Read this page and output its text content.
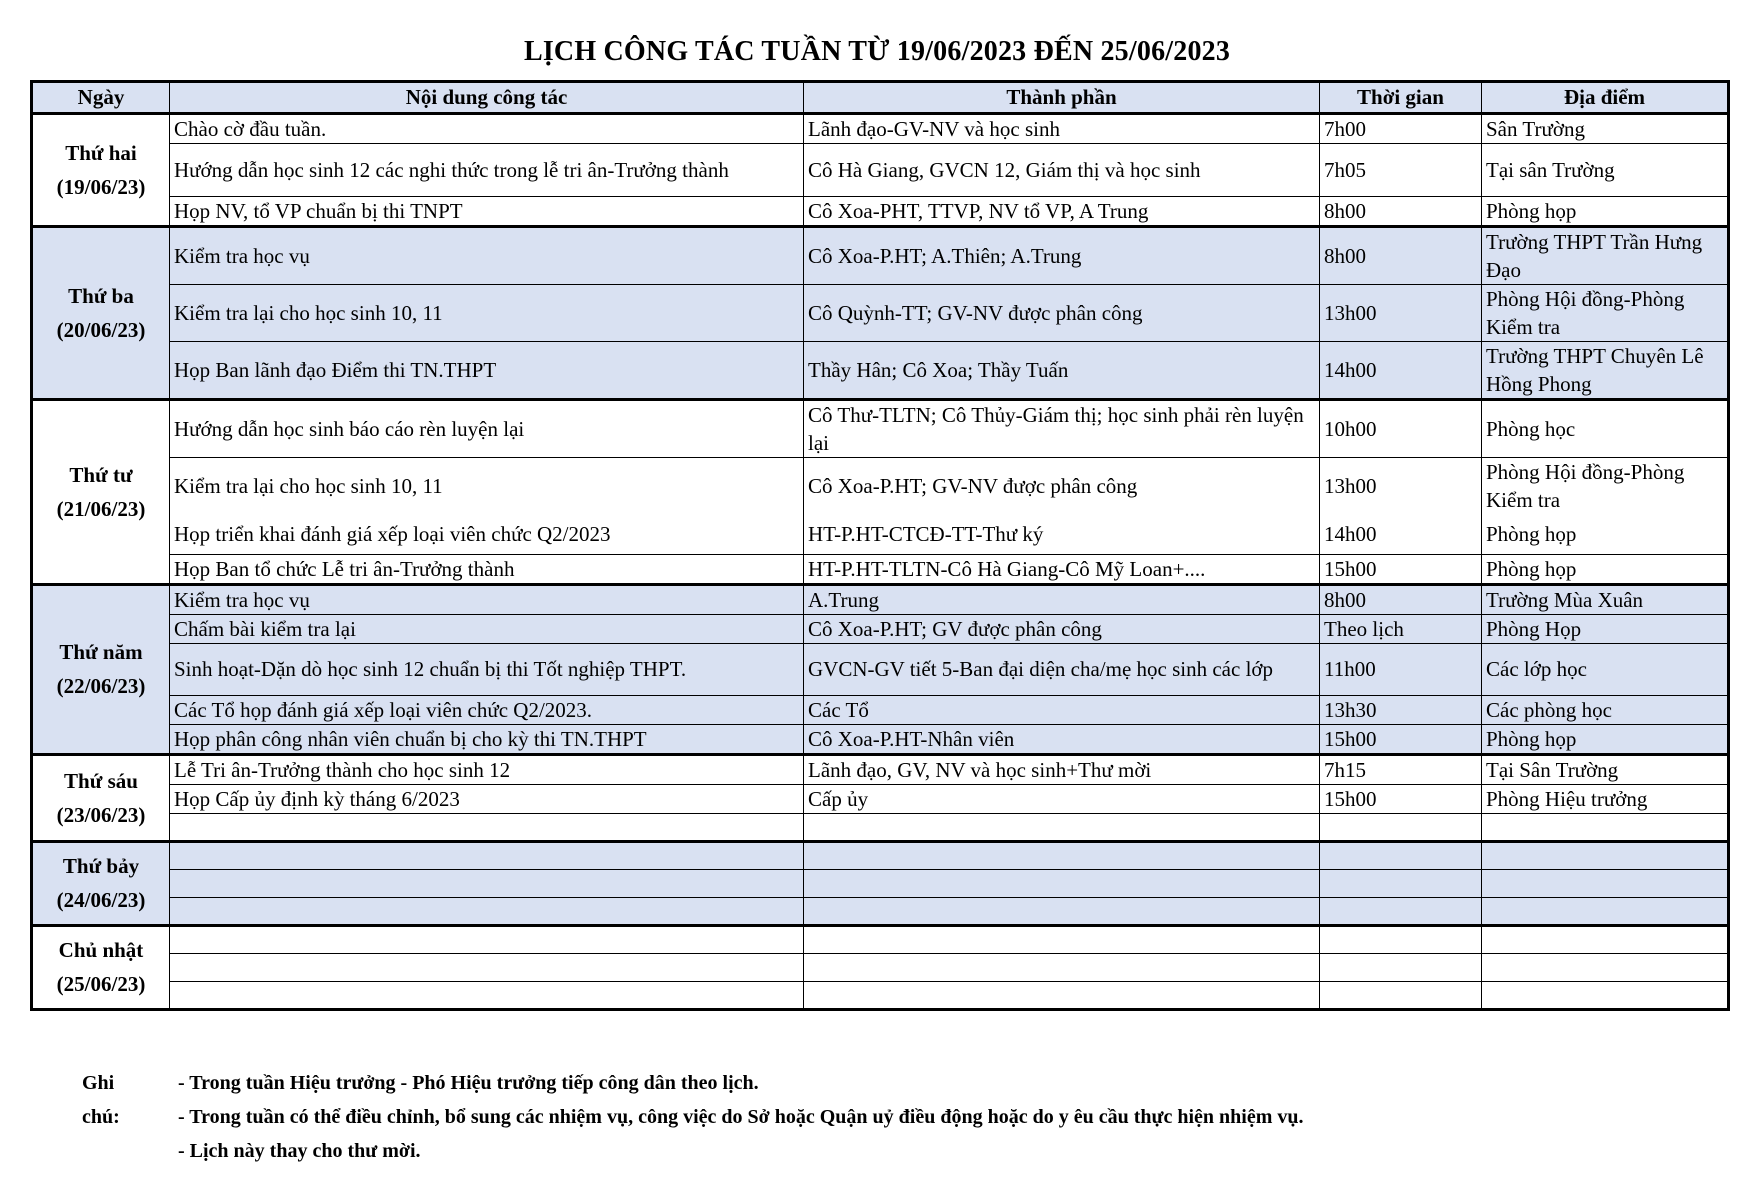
LỊCH CÔNG TÁC TUẦN TỪ 19/06/2023 ĐẾN 25/06/2023
Ngày	Nội dung công tác	Thành phần	Thời gian	Địa điểm

Thứ hai
(19/06/23)	Chào cờ đầu tuần.	Lãnh đạo-GV-NV và học sinh	7h00	Sân Trường
	Hướng dẫn học sinh 12 các nghi thức trong lễ tri ân-Trưởng thành	Cô Hà Giang, GVCN 12, Giám thị và học sinh	7h05	Tại sân Trường
	Họp NV, tổ VP chuẩn bị thi TNPT	Cô Xoa-PHT, TTVP, NV tổ VP, A Trung	8h00	Phòng họp

Thứ ba
(20/06/23)	Kiểm tra học vụ	Cô Xoa-P.HT; A.Thiên; A.Trung	8h00	Trường THPT Trần Hưng Đạo
	Kiểm tra lại cho học sinh 10, 11	Cô Quỳnh-TT; GV-NV được phân công	13h00	Phòng Hội đồng-Phòng Kiểm tra
	Họp Ban lãnh đạo Điểm thi TN.THPT	Thầy Hân; Cô Xoa; Thầy Tuấn	14h00	Trường THPT Chuyên Lê Hồng Phong

Thứ tư
(21/06/23)	Hướng dẫn học sinh báo cáo rèn luyện lại	Cô Thư-TLTN; Cô Thủy-Giám thị; học sinh phải rèn luyện lại	10h00	Phòng học
	Kiểm tra lại cho học sinh 10, 11	Cô Xoa-P.HT; GV-NV được phân công	13h00	Phòng Hội đồng-Phòng Kiểm tra
	Họp triển khai đánh giá xếp loại viên chức Q2/2023	HT-P.HT-CTCĐ-TT-Thư ký	14h00	Phòng họp
	Họp Ban tổ chức Lễ tri ân-Trưởng thành	HT-P.HT-TLTN-Cô Hà Giang-Cô Mỹ Loan+....	15h00	Phòng họp

Thứ năm
(22/06/23)	Kiểm tra học vụ	A.Trung	8h00	Trường Mùa Xuân
	Chấm bài kiểm tra lại	Cô Xoa-P.HT; GV được phân công	Theo lịch	Phòng Họp
	Sinh hoạt-Dặn dò học sinh 12 chuẩn bị thi Tốt nghiệp THPT.	GVCN-GV tiết 5-Ban đại diện cha/mẹ học sinh các lớp	11h00	Các lớp học
	Các Tổ họp đánh giá xếp loại viên chức Q2/2023.	Các Tổ	13h30	Các phòng học
	Họp phân công nhân viên chuẩn bị cho kỳ thi TN.THPT	Cô Xoa-P.HT-Nhân viên	15h00	Phòng họp

Thứ sáu
(23/06/23)	Lễ Tri ân-Trưởng thành cho học sinh 12	Lãnh đạo, GV, NV và học sinh+Thư mời	7h15	Tại Sân Trường
	Họp Cấp ủy định kỳ tháng 6/2023	Cấp ủy	15h00	Phòng Hiệu trưởng

Thứ bảy
(24/06/23)				

Chủ nhật
(25/06/23)				

Ghi chú:
- Trong tuần Hiệu trưởng - Phó Hiệu trưởng tiếp công dân theo lịch.
- Trong tuần có thể điều chỉnh, bổ sung các nhiệm vụ, công việc do Sở hoặc Quận uỷ điều động hoặc do y êu cầu thực hiện nhiệm vụ.
- Lịch này thay cho thư mời.
